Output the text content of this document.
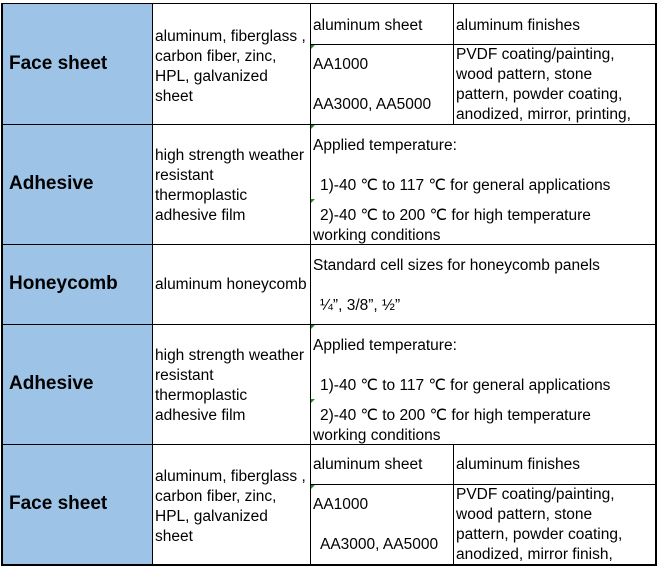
Face sheet
aluminum, fiberglass ,
carbon fiber, zinc,
HPL, galvanized
sheet
aluminum sheet aluminum finishes
AA1000
AA3000, AA5000
PVDF coating/painting,
wood pattern, stone
pattern, powder coating,
anodized, mirror, printing,
Adhesive
high strength weather
resistant
thermoplastic
adhesive film
Applied temperature:
1)-40 ℃ to 117 ℃ for general applications
2)-40 ℃ to 200 ℃ for high temperature
working conditions
Honeycomb aluminum honeycomb
Standard cell sizes for honeycomb panels
¼”, 3/8”, ½”
Adhesive
high strength weather
resistant
thermoplastic
adhesive film
Applied temperature:
1)-40 ℃ to 117 ℃ for general applications
2)-40 ℃ to 200 ℃ for high temperature
working conditions
Face sheet
aluminum, fiberglass ,
carbon fiber, zinc,
HPL, galvanized
sheet
aluminum sheet aluminum finishes
AA1000
AA3000, AA5000
PVDF coating/painting,
wood pattern, stone
pattern, powder coating,
anodized, mirror finish,
